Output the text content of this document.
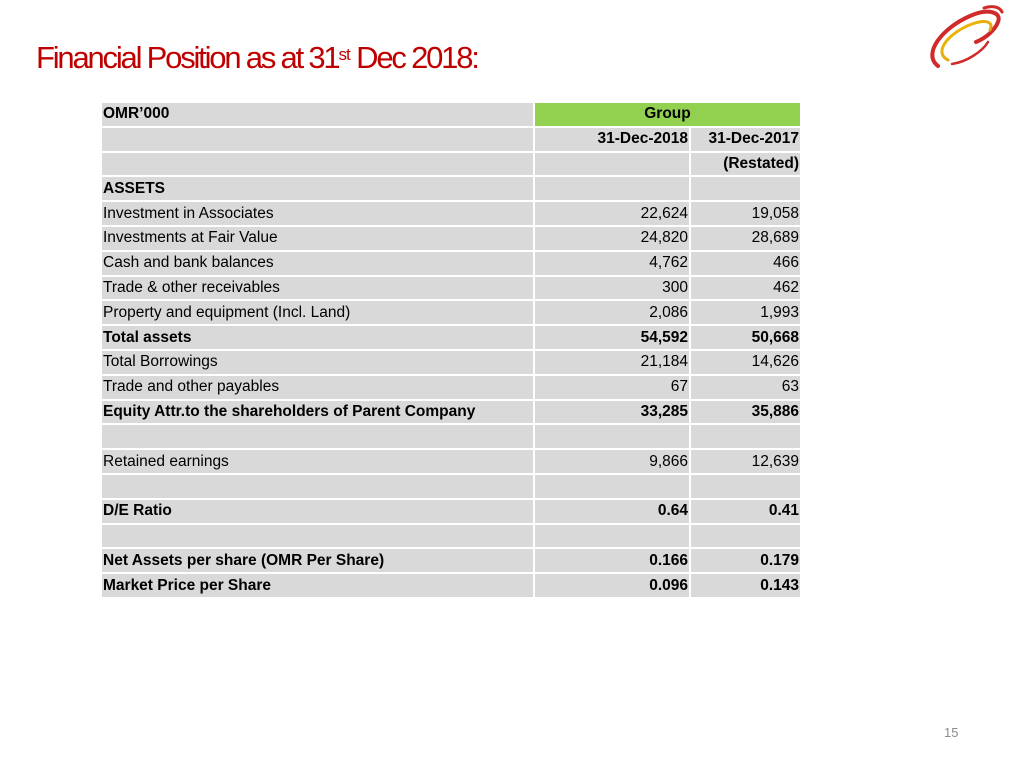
Financial Position as at 31st Dec 2018:
OMR’000	Group	
	31-Dec-2018	31-Dec-2017
		(Restated)
ASSETS		
Investment in Associates	22,624	19,058
Investments at Fair Value	24,820	28,689
Cash and bank balances	4,762	466
Trade & other receivables	300	462
Property and equipment (Incl. Land)	2,086	1,993
Total assets	54,592	50,668
Total Borrowings	21,184	14,626
Trade and other payables	67	63
Equity Attr.to the shareholders of Parent Company	33,285	35,886

Retained earnings	9,866	12,639

D/E Ratio	0.64	0.41

Net Assets per share (OMR Per Share)	0.166	0.179
Market Price per Share	0.096	0.143
15
